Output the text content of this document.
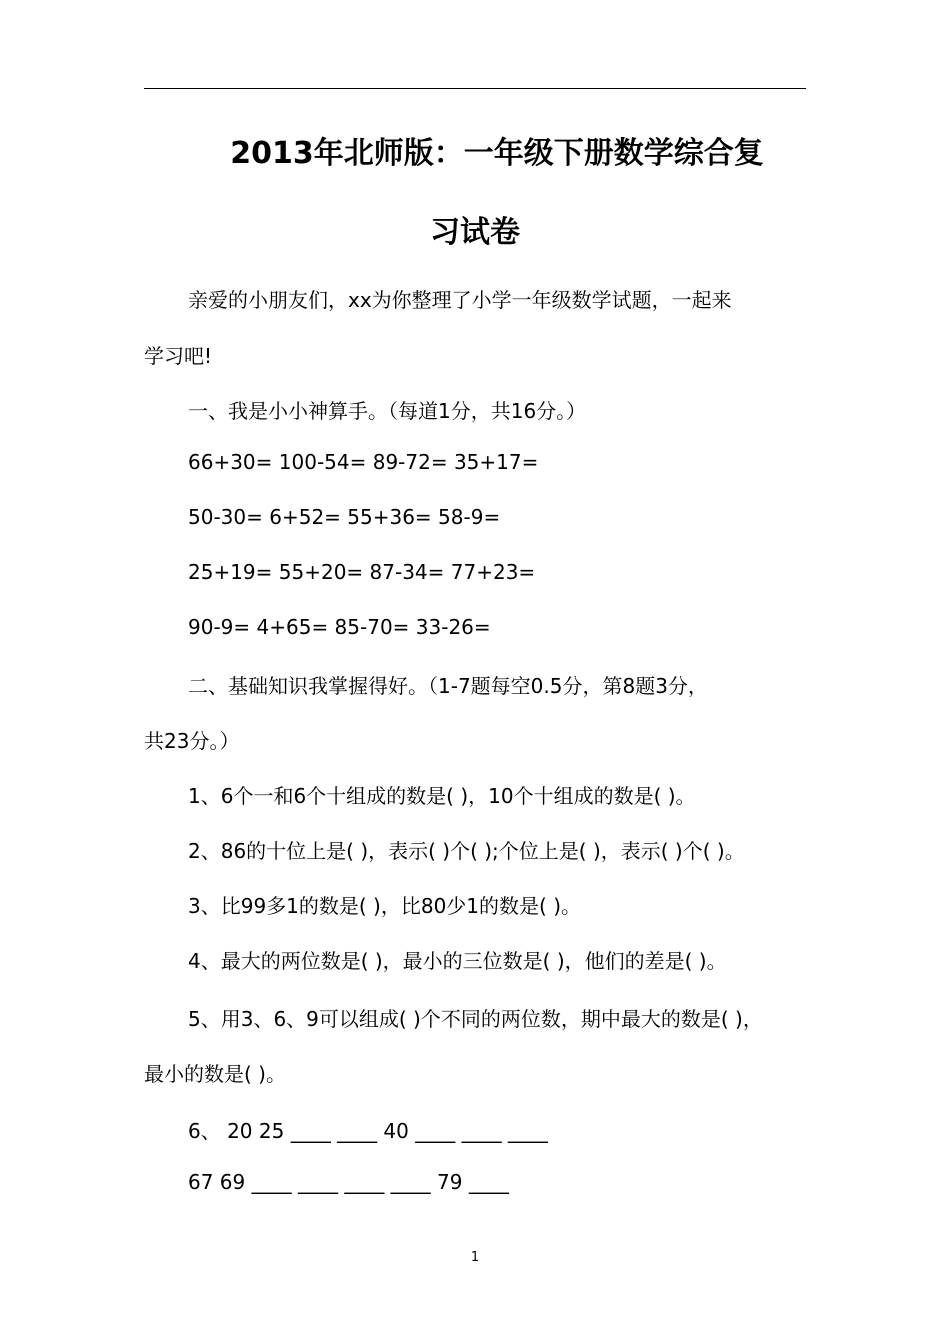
2013年北师版：一年级下册数学综合复
习试卷
亲爱的小朋友们，xx为你整理了小学一年级数学试题，一起来
学习吧!
一、我是小小神算手。（每道1分，共16分。）
66+30= 100-54= 89-72= 35+17=
50-30= 6+52= 55+36= 58-9=
25+19= 55+20= 87-34= 77+23=
90-9= 4+65= 85-70= 33-26=
二、基础知识我掌握得好。（1-7题每空0.5分，第8题3分，
共23分。）
1、6个一和6个十组成的数是( )，10个十组成的数是( )。
2、86的十位上是( )，表示( )个( );个位上是( )，表示( )个( )。
3、比99多1的数是( )，比80少1的数是( )。
4、最大的两位数是( )，最小的三位数是( )，他们的差是( )。
5、用3、6、9可以组成( )个不同的两位数，期中最大的数是( )，
最小的数是( )。
6、 20 25 ____ ____ 40 ____ ____ ____
67 69 ____ ____ ____ ____ 79 ____
1
